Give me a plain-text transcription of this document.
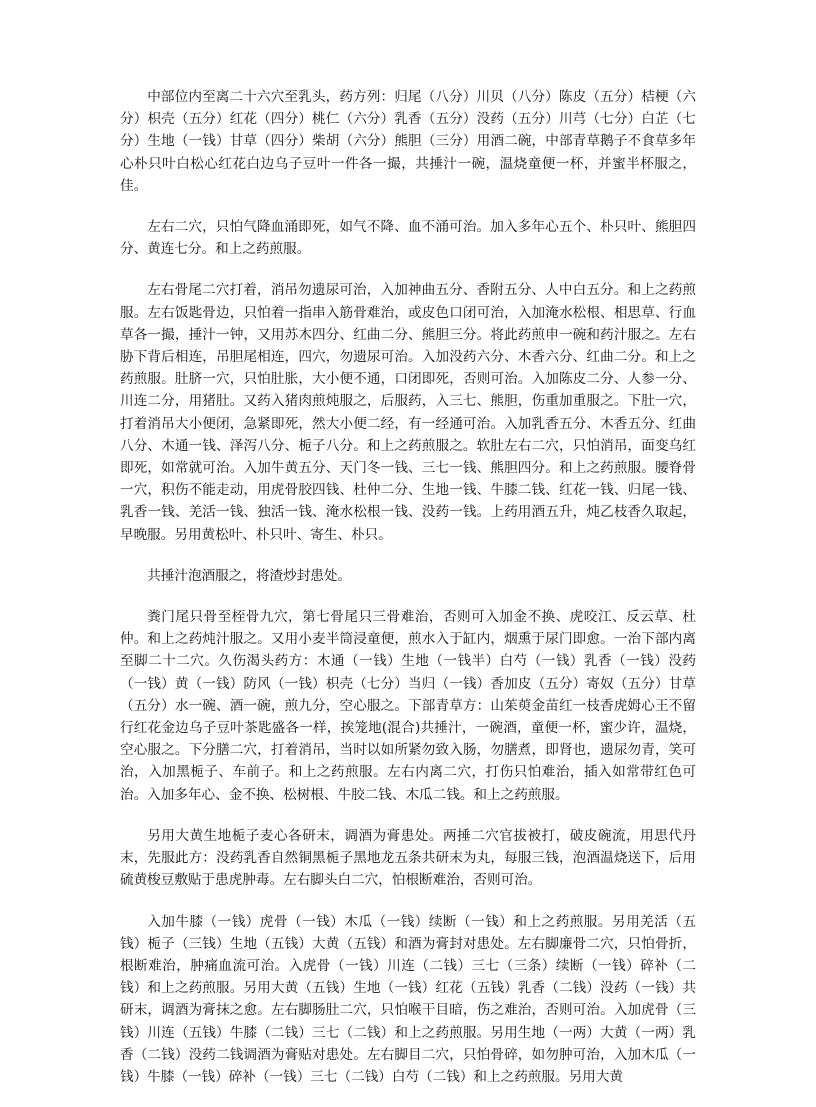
中部位内至离二十六穴至乳头，药方列：归尾（八分）川贝（八分）陈皮（五分）桔梗（六分）枳壳（五分）红花（四分）桃仁（六分）乳香（五分）没药（五分）川芎（七分）白芷（七分）生地（一钱）甘草（四分）柴胡（六分）熊胆（三分）用酒二碗，中部青草鹅子不食草多年心朴只叶白松心红花白边乌子豆叶一件各一撮，共捶汁一碗，温烧童便一杯，并蜜半杯服之，佳。

左右二穴，只怕气降血涌即死，如气不降、血不涌可治。加入多年心五个、朴只叶、熊胆四分、黄连七分。和上之药煎服。

左右骨尾二穴打着，消吊勿遗尿可治，入加神曲五分、香附五分、人中白五分。和上之药煎服。左右饭匙骨边，只怕着一指串入筋骨难治，或皮色口闭可治，入加淹水松根、相思草、行血草各一撮，捶汁一钟，又用苏木四分、红曲二分、熊胆三分。将此药煎申一碗和药汁服之。左右胁下背后相连，吊胆尾相连，四穴，勿遗尿可治。入加没药六分、木香六分、红曲二分。和上之药煎服。肚脐一穴，只怕肚胀，大小便不通，口闭即死，否则可治。入加陈皮二分、人参一分、川连二分，用猪肚。又药入猪肉煎炖服之，后服药，入三七、熊胆，伤重加重服之。下肚一穴，打着消吊大小便闭，急紧即死，然大小便二经，有一经通可治。入加乳香五分、木香五分、红曲八分、木通一钱、泽泻八分、栀子八分。和上之药煎服之。软肚左右二穴，只怕消吊，面变乌红即死，如常就可治。入加牛黄五分、天门冬一钱、三七一钱、熊胆四分。和上之药煎服。腰脊骨一穴，积伤不能走动，用虎骨胶四钱、杜仲二分、生地一钱、牛膝二钱、红花一钱、归尾一钱、乳香一钱、羌活一钱、独活一钱、淹水松根一钱、没药一钱。上药用酒五升，炖乙枝香久取起，早晚服。另用黄松叶、朴只叶、寄生、朴只。

共捶汁泡酒服之，将渣炒封患处。

粪门尾只骨至桎骨九穴，第七骨尾只三骨难治，否则可入加金不换、虎咬江、反云草、杜仲。和上之药炖汁服之。又用小麦半筒浸童便，煎水入于缸内，烟熏于尿门即愈。一治下部内离至脚二十二穴。久伤渴头药方：木通（一钱）生地（一钱半）白芍（一钱）乳香（一钱）没药（一钱）黄（一钱）防风（一钱）枳壳（七分）当归（一钱）香加皮（五分）寄奴（五分）甘草（五分）水一碗、酒一碗，煎九分，空心服之。下部青草方：山茱萸金苗红一枝香虎姆心王不留行红花金边乌子豆叶茶匙盛各一样，挨笼地(混合)共捶汁，一碗酒，童便一杯，蜜少许，温烧，空心服之。下分膳二穴，打着消吊，当时以如所紧勿致入肠，勿膳煮，即肾也，遗尿勿青，笑可治，入加黑栀子、车前子。和上之药煎服。左右内离二穴，打伤只怕难治，插入如常带红色可治。入加多年心、金不换、松树根、牛胶二钱、木瓜二钱。和上之药煎服。

另用大黄生地栀子麦心各研末，调酒为膏患处。两捶二穴官拔被打，破皮碗流，用思代丹末，先服此方：没药乳香自然铜黑栀子黑地龙五条共研末为丸，每服三钱，泡酒温烧送下，后用硫黄梭豆敷贴于患虎肿毒。左右脚头白二穴，怕根断难治，否则可治。

入加牛膝（一钱）虎骨（一钱）木瓜（一钱）续断（一钱）和上之药煎服。另用羌活（五钱）栀子（三钱）生地（五钱）大黄（五钱）和酒为膏封对患处。左右脚廉骨二穴，只怕骨折，根断难治，肿痛血流可治。入虎骨（一钱）川连（二钱）三七（三条）续断（一钱）碎补（二钱）和上之药煎服。另用大黄（五钱）生地（一钱）红花（五钱）乳香（二钱）没药（一钱）共研末，调酒为膏抹之愈。左右脚肠肚二穴，只怕喉干目暗，伤之难治，否则可治。入加虎骨（三钱）川连（五钱）牛膝（二钱）三七（二钱）和上之药煎服。另用生地（一两）大黄（一两）乳香（二钱）没药二钱调酒为膏贴对患处。左右脚目二穴，只怕骨碎，如勿肿可治，入加木瓜（一钱）牛膝（一钱）碎补（一钱）三七（二钱）白芍（二钱）和上之药煎服。另用大黄
